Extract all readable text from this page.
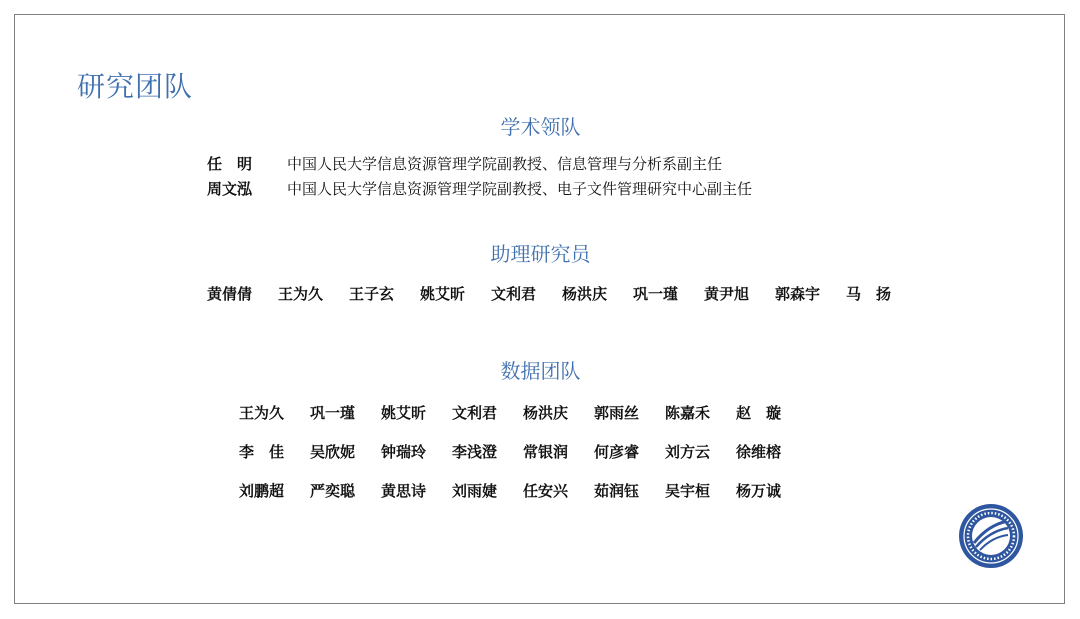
研究团队
学术领队
任　明 中国人民大学信息资源管理学院副教授、信息管理与分析系副主任
周文泓 中国人民大学信息资源管理学院副教授、电子文件管理研究中心副主任
助理研究员
黄倩倩 王为久 王子玄 姚艾昕 文利君 杨洪庆 巩一瑾 黄尹旭 郭森宇 马　扬
数据团队
王为久 巩一瑾 姚艾昕 文利君 杨洪庆 郭雨丝 陈嘉禾 赵　璇
李　佳 吴欣妮 钟瑞玲 李浅澄 常银润 何彦睿 刘方云 徐维榕
刘鹏超 严奕聪 黄思诗 刘雨婕 任安兴 茹润钰 吴宇桓 杨万诚
